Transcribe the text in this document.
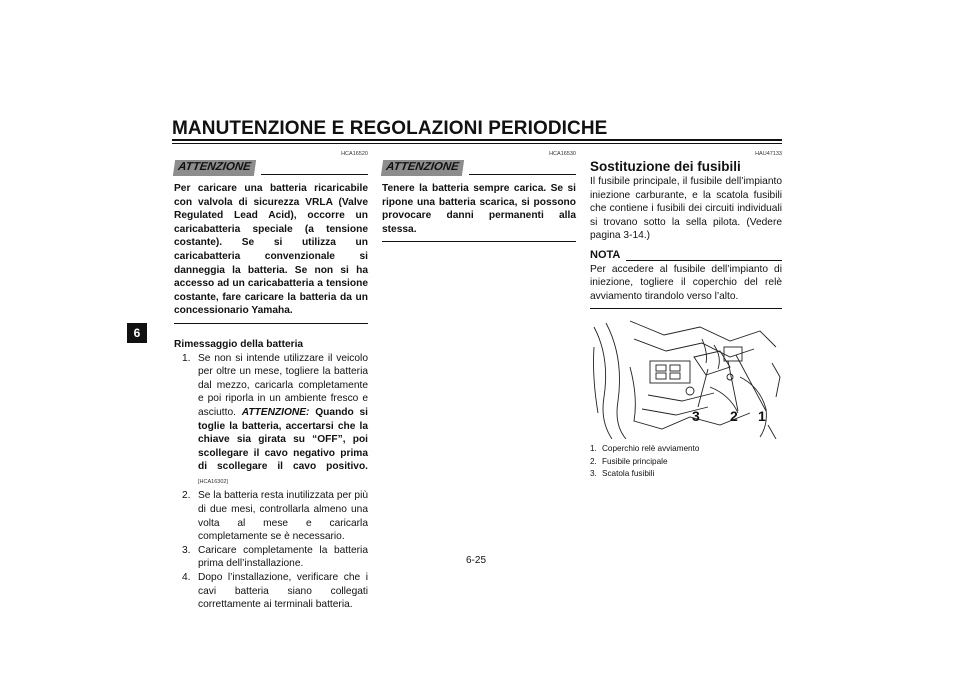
MANUTENZIONE E REGOLAZIONI PERIODICHE
6
HCA16520
ATTENZIONE
Per caricare una batteria ricaricabile con valvola di sicurezza VRLA (Valve Regulated Lead Acid), occorre un caricabatteria speciale (a tensione costante). Se si utilizza un caricabatteria convenzionale si danneggia la batteria. Se non si ha accesso ad un caricabatteria a tensione costante, fare caricare la batteria da un concessionario Yamaha.
Rimessaggio della batteria
1. Se non si intende utilizzare il veicolo per oltre un mese, togliere la batteria dal mezzo, caricarla completamente e poi riporla in un ambiente fresco e asciutto. ATTENZIONE: Quando si toglie la batteria, accertarsi che la chiave sia girata su “OFF”, poi scollegare il cavo negativo prima di scollegare il cavo positivo. [HCA16302]
2. Se la batteria resta inutilizzata per più di due mesi, controllarla almeno una volta al mese e caricarla completamente se è necessario.
3. Caricare completamente la batteria prima dell’installazione.
4. Dopo l’installazione, verificare che i cavi batteria siano collegati correttamente ai terminali batteria.
HCA16530
ATTENZIONE
Tenere la batteria sempre carica. Se si ripone una batteria scarica, si possono provocare danni permanenti alla stessa.
HAU47133
Sostituzione dei fusibili
Il fusibile principale, il fusibile dell’impianto iniezione carburante, e la scatola fusibili che contiene i fusibili dei circuiti individuali si trovano sotto la sella pilota. (Vedere pagina 3-14.)
NOTA
Per accedere al fusibile dell’impianto di iniezione, togliere il coperchio del relè avviamento tirandolo verso l’alto.
3 2 1
1. Coperchio relè avviamento
2. Fusibile principale
3. Scatola fusibili
6-25
